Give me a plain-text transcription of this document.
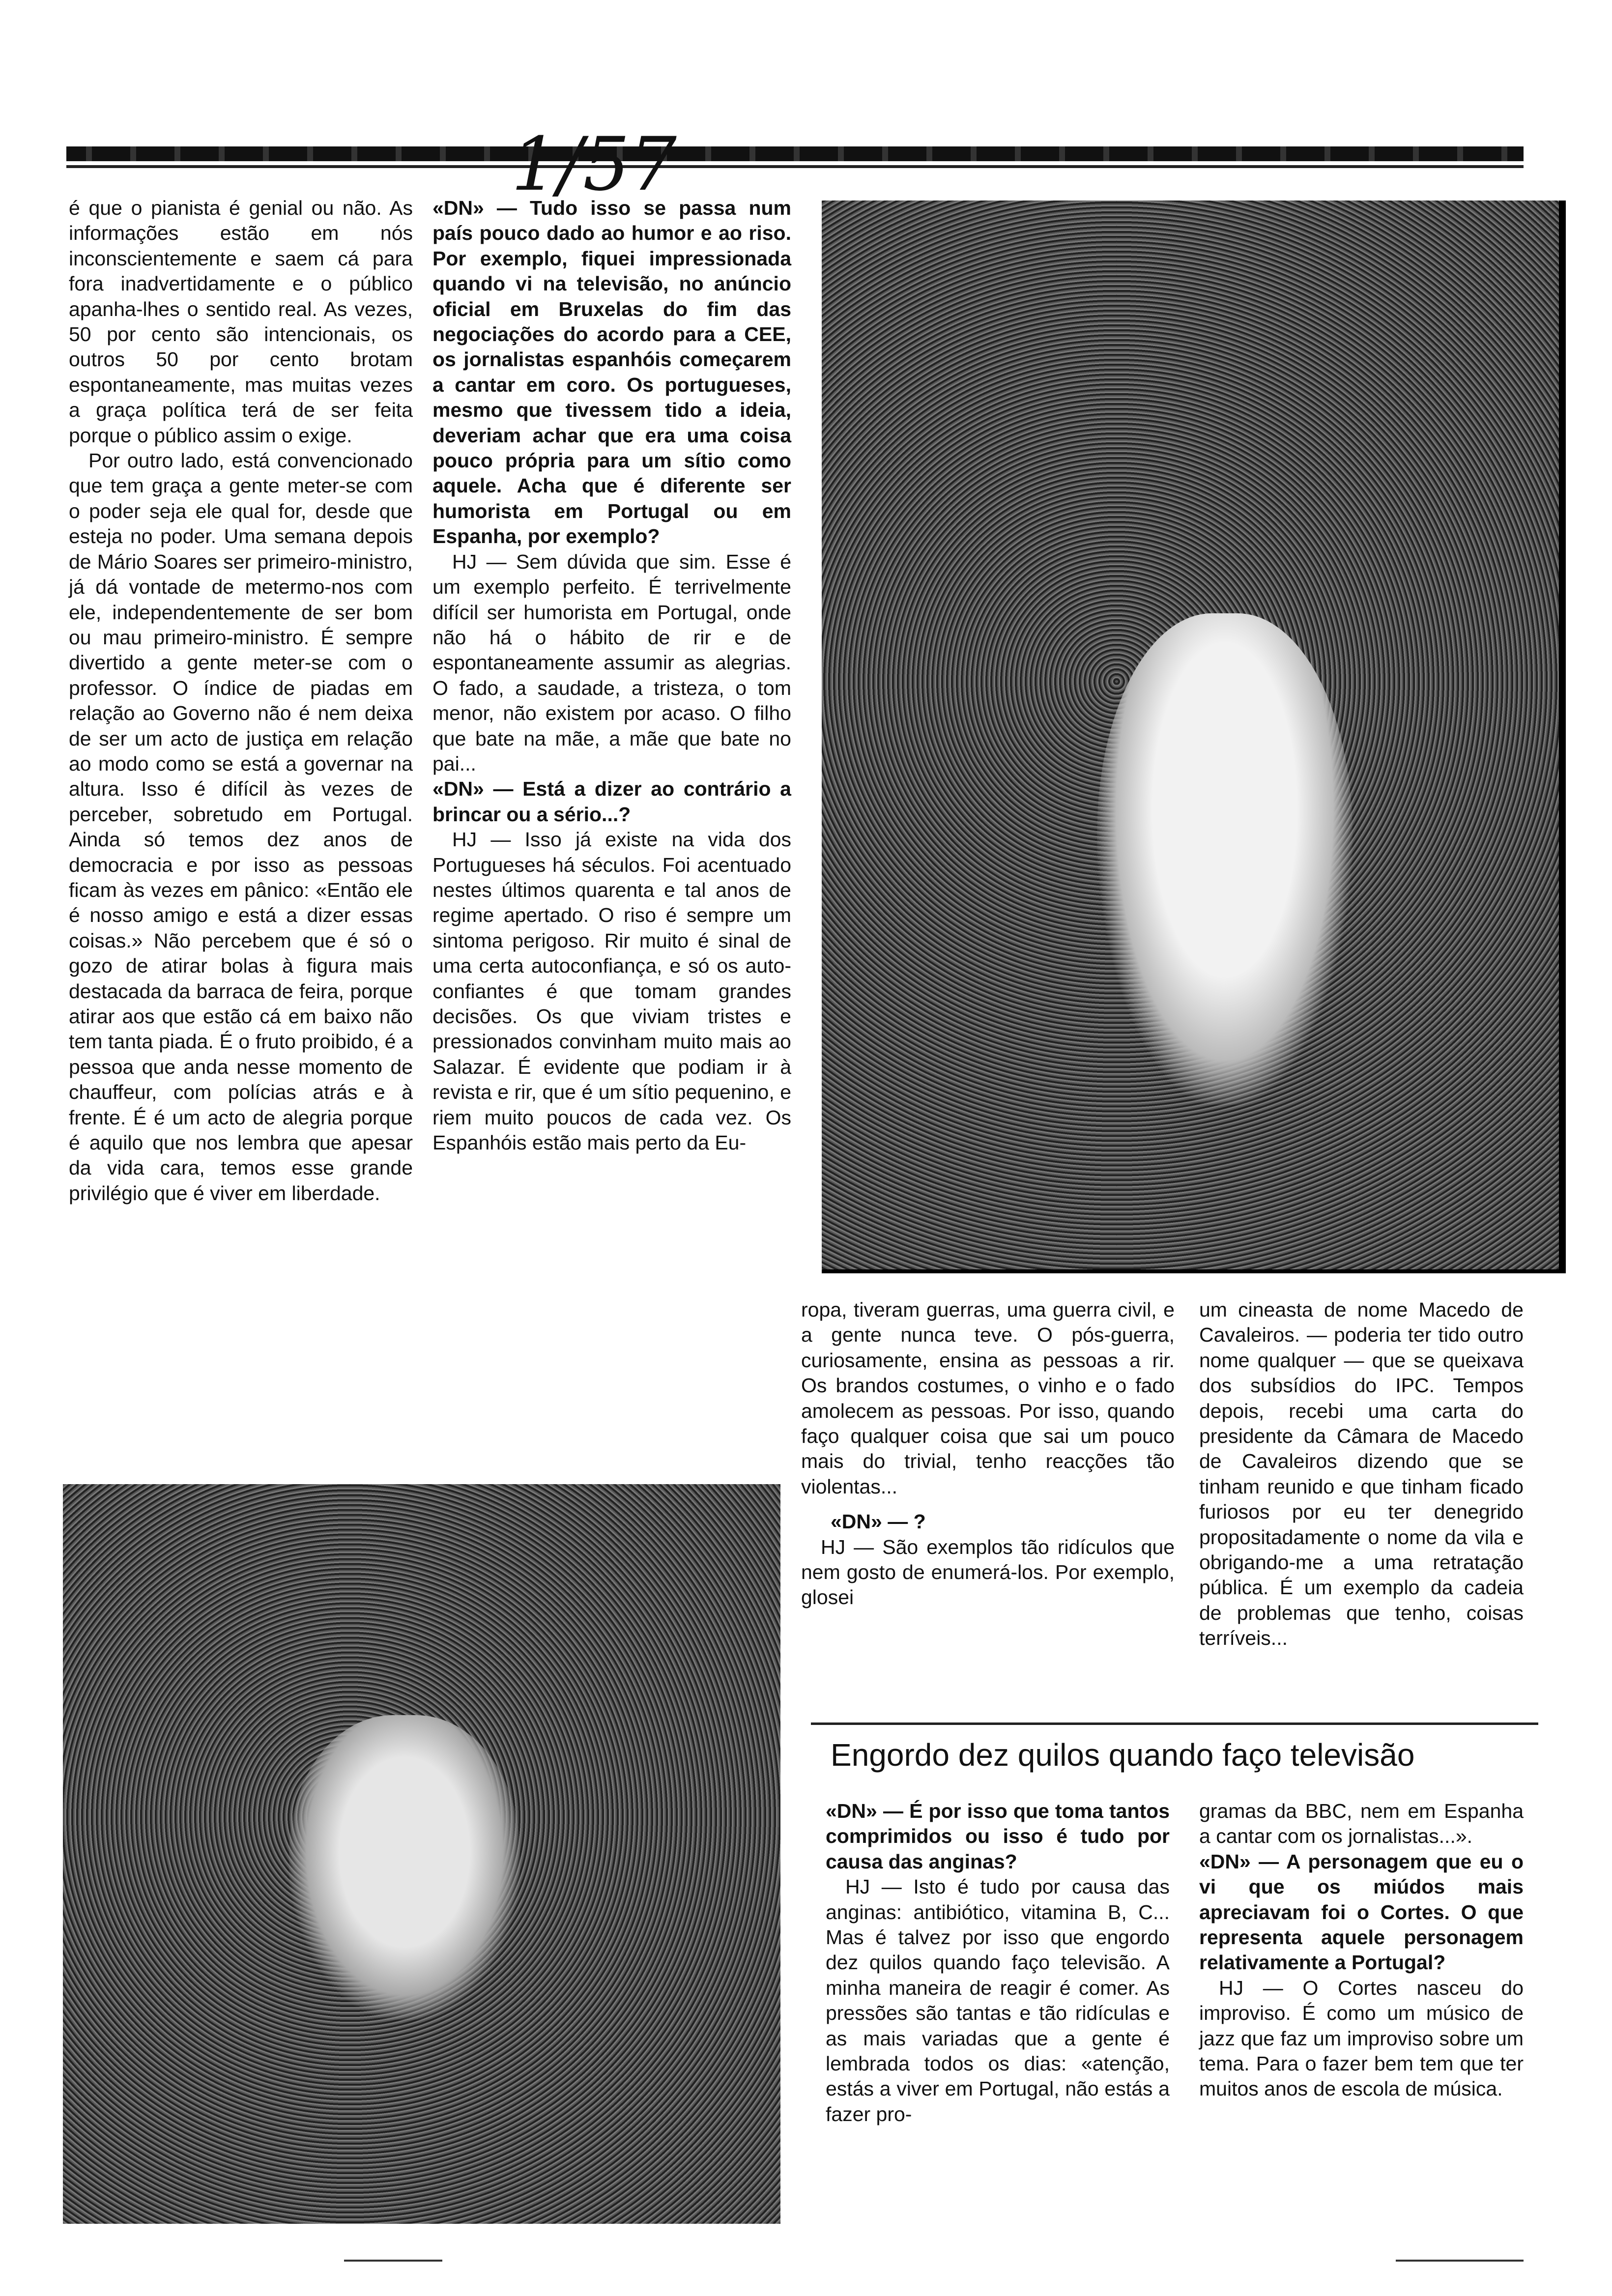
1/57

é que o pianista é genial ou não. As informações estão em nós inconscientemente e saem cá para fora inadvertidamente e o público apanha-lhes o sentido real. As vezes, 50 por cento são intencionais, os outros 50 por cento brotam espontaneamente, mas muitas vezes a graça política terá de ser feita porque o público assim o exige.

Por outro lado, está convencionado que tem graça a gente meter-se com o poder seja ele qual for, desde que esteja no poder. Uma semana depois de Mário Soares ser primeiro-ministro, já dá vontade de metermo-nos com ele, independentemente de ser bom ou mau primeiro-ministro. É sempre divertido a gente meter-se com o professor. O índice de piadas em relação ao Governo não é nem deixa de ser um acto de justiça em relação ao modo como se está a governar na altura. Isso é difícil às vezes de perceber, sobretudo em Portugal. Ainda só temos dez anos de democracia e por isso as pessoas ficam às vezes em pânico: «Então ele é nosso amigo e está a dizer essas coisas.» Não percebem que é só o gozo de atirar bolas à figura mais destacada da barraca de feira, porque atirar aos que estão cá em baixo não tem tanta piada. É o fruto proibido, é a pessoa que anda nesse momento de chauffeur, com polícias atrás e à frente. É é um acto de alegria porque é aquilo que nos lembra que apesar da vida cara, temos esse grande privilégio que é viver em liberdade.

«DN» — Tudo isso se passa num país pouco dado ao humor e ao riso. Por exemplo, fiquei impressionada quando vi na televisão, no anúncio oficial em Bruxelas do fim das negociações do acordo para a CEE, os jornalistas espanhóis começarem a cantar em coro. Os portugueses, mesmo que tivessem tido a ideia, deveriam achar que era uma coisa pouco própria para um sítio como aquele. Acha que é diferente ser humorista em Portugal ou em Espanha, por exemplo?

HJ — Sem dúvida que sim. Esse é um exemplo perfeito. É terrivelmente difícil ser humorista em Portugal, onde não há o hábito de rir e de espontaneamente assumir as alegrias. O fado, a saudade, a tristeza, o tom menor, não existem por acaso. O filho que bate na mãe, a mãe que bate no pai...

«DN» — Está a dizer ao contrário a brincar ou a sério...?

HJ — Isso já existe na vida dos Portugueses há séculos. Foi acentuado nestes últimos quarenta e tal anos de regime apertado. O riso é sempre um sintoma perigoso. Rir muito é sinal de uma certa autoconfiança, e só os auto-confiantes é que tomam grandes decisões. Os que viviam tristes e pressionados convinham muito mais ao Salazar. É evidente que podiam ir à revista e rir, que é um sítio pequenino, e riem muito poucos de cada vez. Os Espanhóis estão mais perto da Eu-

ropa, tiveram guerras, uma guerra civil, e a gente nunca teve. O pós-guerra, curiosamente, ensina as pessoas a rir. Os brandos costumes, o vinho e o fado amolecem as pessoas. Por isso, quando faço qualquer coisa que sai um pouco mais do trivial, tenho reacções tão violentas...

«DN» — ?

HJ — São exemplos tão ridículos que nem gosto de enumerá-los. Por exemplo, glosei

um cineasta de nome Macedo de Cavaleiros. — poderia ter tido outro nome qualquer — que se queixava dos subsídios do IPC. Tempos depois, recebi uma carta do presidente da Câmara de Macedo de Cavaleiros dizendo que se tinham reunido e que tinham ficado furiosos por eu ter denegrido propositadamente o nome da vila e obrigando-me a uma retratação pública. É um exemplo da cadeia de problemas que tenho, coisas terríveis...

Engordo dez quilos quando faço televisão

«DN» — É por isso que toma tantos comprimidos ou isso é tudo por causa das anginas?

HJ — Isto é tudo por causa das anginas: antibiótico, vitamina B, C... Mas é talvez por isso que engordo dez quilos quando faço televisão. A minha maneira de reagir é comer. As pressões são tantas e tão ridículas e as mais variadas que a gente é lembrada todos os dias: «atenção, estás a viver em Portugal, não estás a fazer pro-

gramas da BBC, nem em Espanha a cantar com os jornalistas...».

«DN» — A personagem que eu o vi que os miúdos mais apreciavam foi o Cortes. O que representa aquele personagem relativamente a Portugal?

HJ — O Cortes nasceu do improviso. É como um músico de jazz que faz um improviso sobre um tema. Para o fazer bem tem que ter muitos anos de escola de música.
